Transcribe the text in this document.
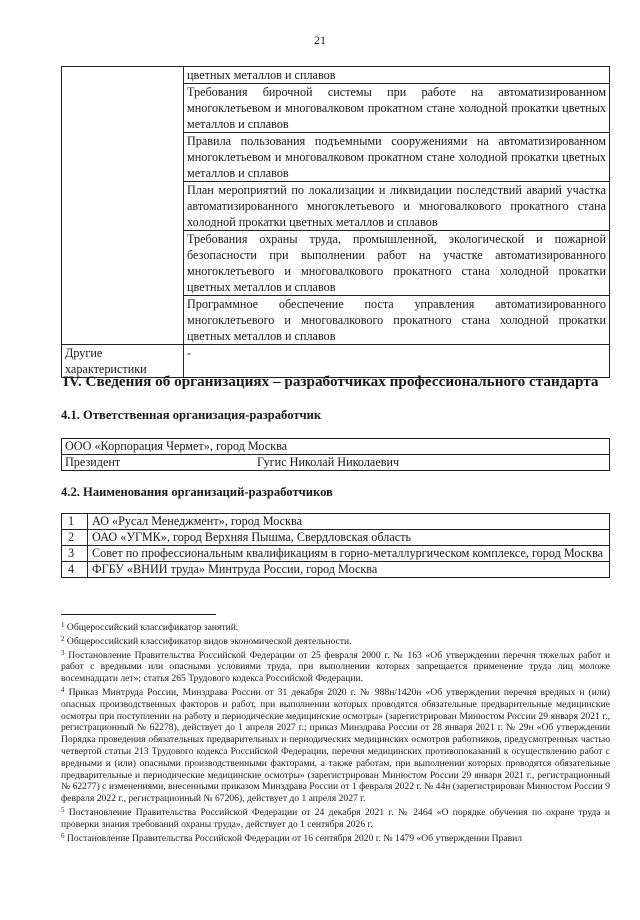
21
	цветных металлов и сплавов
	Требования бирочной системы при работе на автоматизированном многоклетьевом и многовалковом прокатном стане холодной прокатки цветных металлов и сплавов
	Правила пользования подъемными сооружениями на автоматизированном многоклетьевом и многовалковом прокатном стане холодной прокатки цветных металлов и сплавов
	План мероприятий по локализации и ликвидации последствий аварий участка автоматизированного многоклетьевого и многовалкового прокатного стана холодной прокатки цветных металлов и сплавов
	Требования охраны труда, промышленной, экологической и пожарной безопасности при выполнении работ на участке автоматизированного многоклетьевого и многовалкового прокатного стана холодной прокатки цветных металлов и сплавов
	Программное обеспечение поста управления автоматизированного многоклетьевого и многовалкового прокатного стана холодной прокатки цветных металлов и сплавов
Другие характеристики	-
IV. Сведения об организациях – разработчиках профессионального стандарта
4.1. Ответственная организация-разработчик
ООО «Корпорация Чермет», город Москва
Президент	Гугис Николай Николаевич
4.2. Наименования организаций-разработчиков
1	АО «Русал Менеджмент», город Москва
2	ОАО «УГМК», город Верхняя Пышма, Свердловская область
3	Совет по профессиональным квалификациям в горно-металлургическом комплексе, город Москва
4	ФГБУ «ВНИИ труда» Минтруда России, город Москва

$^1$ Общероссийский классификатор занятий.

$^2$ Общероссийский классификатор видов экономической деятельности.

$^3$ Постановление Правительства Российской Федерации от 25 февраля 2000 г. № 163 «Об утверждении перечня тяжелых работ и работ с вредными или опасными условиями труда, при выполнении которых запрещается применение труда лиц моложе восемнадцати лет»; статья 265 Трудового кодекса Российской Федерации.

$^4$ Приказ Минтруда России, Минздрава России от 31 декабря 2020 г. № 988н/1420н «Об утверждении перечня вредных и (или) опасных производственных факторов и работ, при выполнении которых проводятся обязательные предварительные медицинские осмотры при поступлении на работу и периодические медицинские осмотры» (зарегистрирован Минюстом России 29 января 2021 г., регистрационный № 62278), действует до 1 апреля 2027 г.; приказ Минздрава России от 28 января 2021 г. № 29н «Об утверждении Порядка проведения обязательных предварительных и периодических медицинских осмотров работников, предусмотренных частью четвертой статьи 213 Трудового кодекса Российской Федерации, перечня медицинских противопоказаний к осуществлению работ с вредными и (или) опасными производственными факторами, а также работам, при выполнении которых проводятся обязательные предварительные и периодические медицинские осмотры» (зарегистрирован Минюстом России 29 января 2021 г., регистрационный № 62277) с изменениями, внесенными приказом Минздрава России от 1 февраля 2022 г. № 44н (зарегистрирован Минюстом России 9 февраля 2022 г., регистрационный № 67206), действует до 1 апреля 2027 г.

$^5$ Постановление Правительства Российской Федерации от 24 декабря 2021 г. № 2464 «О порядке обучения по охране труда и проверки знания требований охраны труда», действует до 1 сентября 2026 г.

$^6$ Постановление Правительства Российской Федерации от 16 сентября 2020 г. № 1479 «Об утверждении Правил
